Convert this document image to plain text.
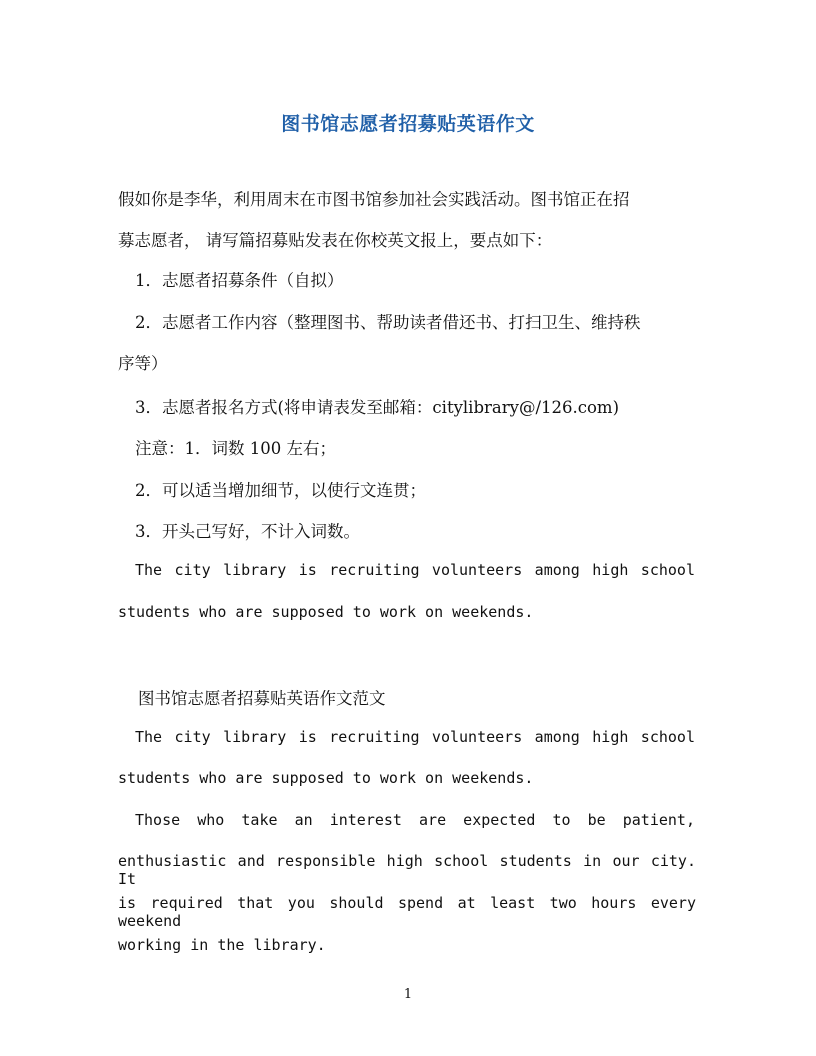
图书馆志愿者招募贴英语作文
假如你是李华，利用周末在市图书馆参加社会实践活动。图书馆正在招
募志愿者， 请写篇招募贴发表在你校英文报上，要点如下：
1．志愿者招募条件（自拟）
2．志愿者工作内容（整理图书、帮助读者借还书、打扫卫生、维持秩
序等）
3．志愿者报名方式(将申请表发至邮箱：citylibrary@/126.com)
注意：1．词数 100 左右；
2．可以适当增加细节，以使行文连贯；
3．开头己写好，不计入词数。
The city library is recruiting volunteers among high school
students who are supposed to work on weekends.
图书馆志愿者招募贴英语作文范文
The city library is recruiting volunteers among high school
students who are supposed to work on weekends.
Those who take an interest are expected to be patient,
enthusiastic and responsible high school students in our city. It
is required that you should spend at least two hours every weekend
working in the library.
1
